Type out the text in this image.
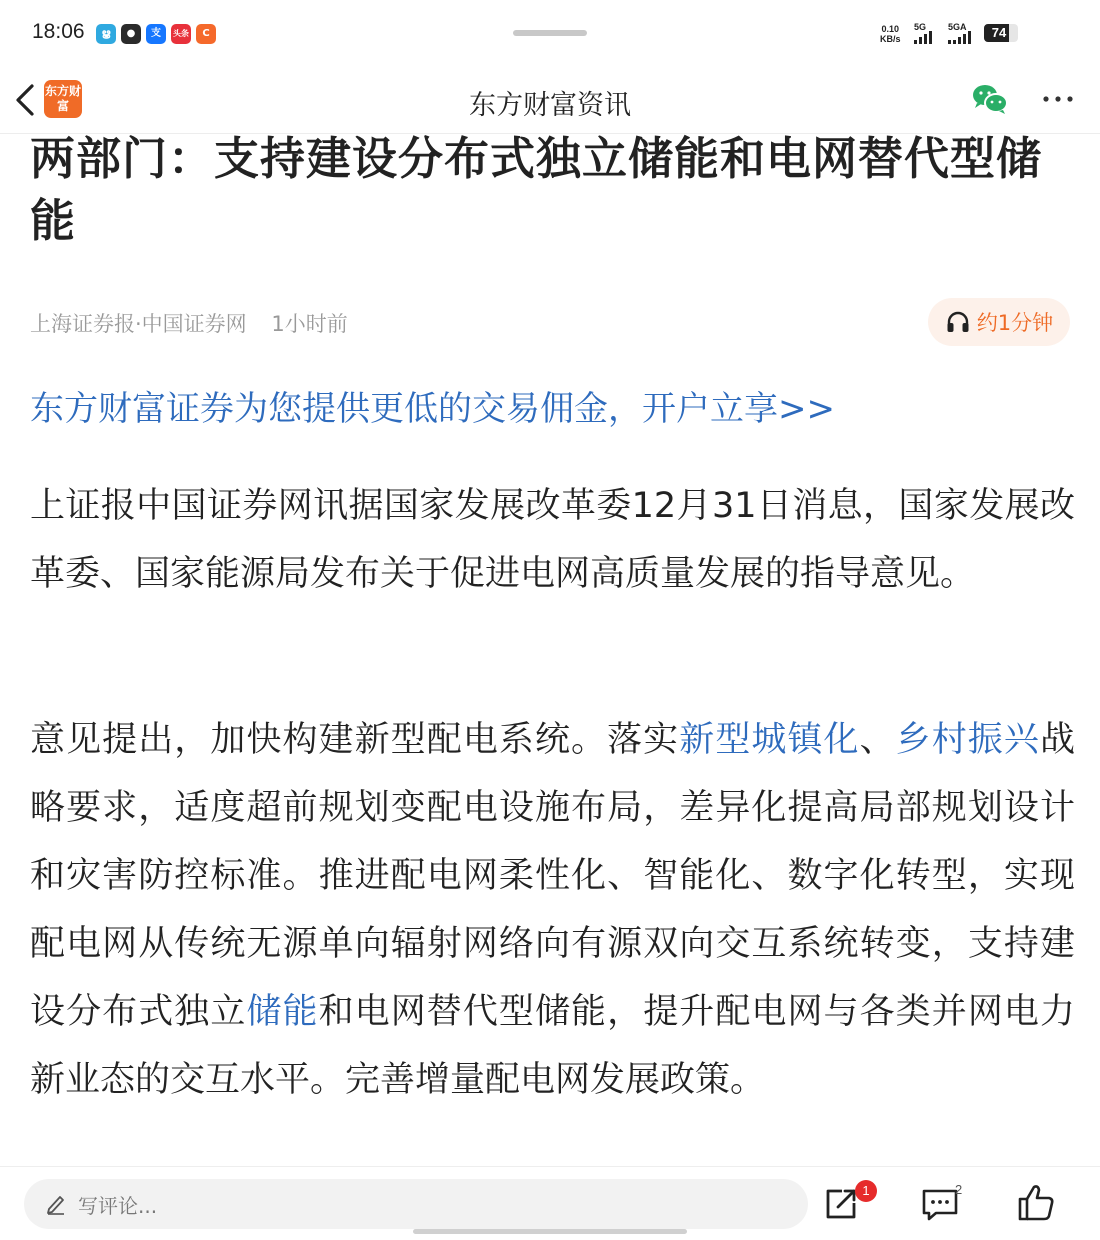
18:06	ൠ	●	支	头条	C	0.10
KB/s
5G 5GA	74
东方财富	东方财富资讯
两部门：支持建设分布式独立储能和电网替代型储能
上海证券报·中国证券网 1小时前	约1分钟
东方财富证券为您提供更低的交易佣金，开户立享>>

上证报中国证券网讯据国家发展改革委12月31日消息，国家发展改革委、国家能源局发布关于促进电网高质量发展的指导意见。

意见提出，加快构建新型配电系统。落实新型城镇化、乡村振兴战略要求，适度超前规划变配电设施布局，差异化提高局部规划设计和灾害防控标准。推进配电网柔性化、智能化、数字化转型，实现配电网从传统无源单向辐射网络向有源双向交互系统转变，支持建设分布式独立储能和电网替代型储能，提升配电网与各类并网电力新业态的交互水平。完善增量配电网发展政策。

写评论...
1	2
